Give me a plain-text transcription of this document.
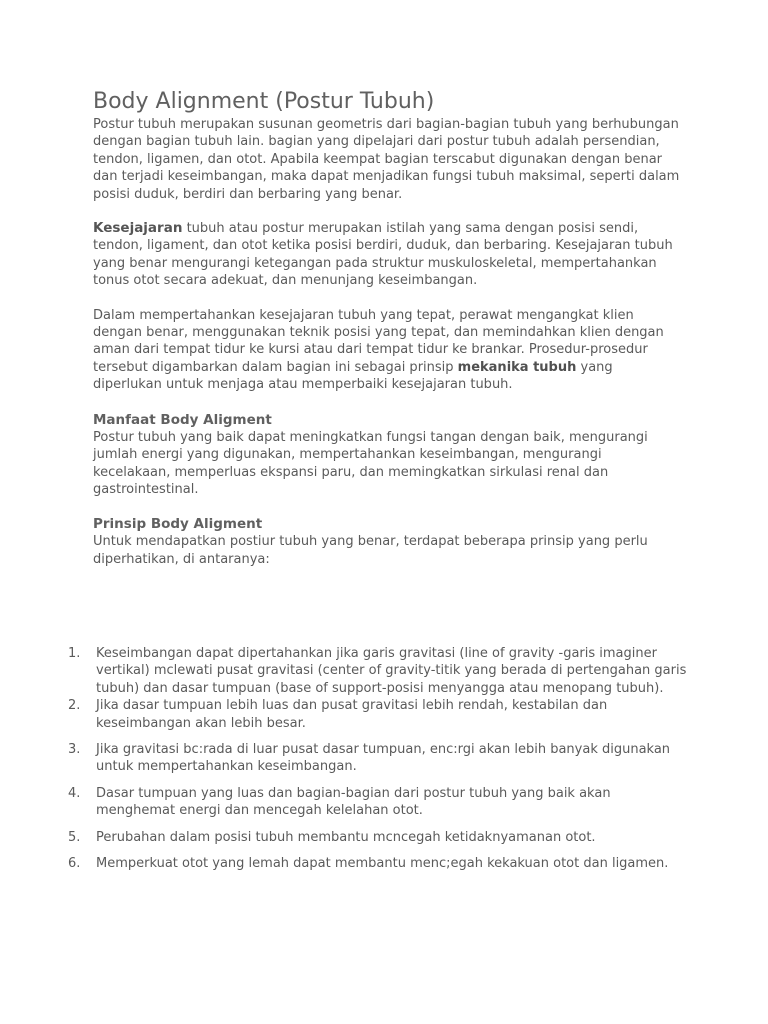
Body Alignment (Postur Tubuh)

Postur tubuh merupakan susunan geometris dari bagian-bagian tubuh yang berhubungan dengan bagian tubuh lain. bagian yang dipelajari dari postur tubuh adalah persendian, tendon, ligamen, dan otot. Apabila keempat bagian terscabut digunakan dengan benar dan terjadi keseimbangan, maka dapat menjadikan fungsi tubuh maksimal, seperti dalam posisi duduk, berdiri dan berbaring yang benar.

Kesejajaran tubuh atau postur merupakan istilah yang sama dengan posisi sendi, tendon, ligament, dan otot ketika posisi berdiri, duduk, dan berbaring. Kesejajaran tubuh yang benar mengurangi ketegangan pada struktur muskuloskeletal, mempertahankan tonus otot secara adekuat, dan menunjang keseimbangan.

Dalam mempertahankan kesejajaran tubuh yang tepat, perawat mengangkat klien dengan benar, menggunakan teknik posisi yang tepat, dan memindahkan klien dengan aman dari tempat tidur ke kursi atau dari tempat tidur ke brankar. Prosedur-prosedur tersebut digambarkan dalam bagian ini sebagai prinsip mekanika tubuh yang diperlukan untuk menjaga atau memperbaiki kesejajaran tubuh.

Manfaat Body Aligment

Postur tubuh yang baik dapat meningkatkan fungsi tangan dengan baik, mengurangi jumlah energi yang digunakan, mempertahankan keseimbangan, mengurangi kecelakaan, memperluas ekspansi paru, dan memingkatkan sirkulasi renal dan gastrointestinal.

Prinsip Body Aligment

Untuk mendapatkan postiur tubuh yang benar, terdapat beberapa prinsip yang perlu diperhatikan, di antaranya:

1. Keseimbangan dapat dipertahankan jika garis gravitasi (line of gravity -garis imaginer vertikal) mclewati pusat gravitasi (center of gravity-titik yang berada di pertengahan garis tubuh) dan dasar tumpuan (base of support-posisi menyangga atau menopang tubuh).
2. Jika dasar tumpuan lebih luas dan pusat gravitasi lebih rendah, kestabilan dan keseimbangan akan lebih besar.
3. Jika gravitasi bc:rada di luar pusat dasar tumpuan, enc:rgi akan lebih banyak digunakan untuk mempertahankan keseimbangan.
4. Dasar tumpuan yang luas dan bagian-bagian dari postur tubuh yang baik akan menghemat energi dan mencegah kelelahan otot.
5. Perubahan dalam posisi tubuh membantu mcncegah ketidaknyamanan otot.
6. Memperkuat otot yang lemah dapat membantu menc;egah kekakuan otot dan ligamen.
